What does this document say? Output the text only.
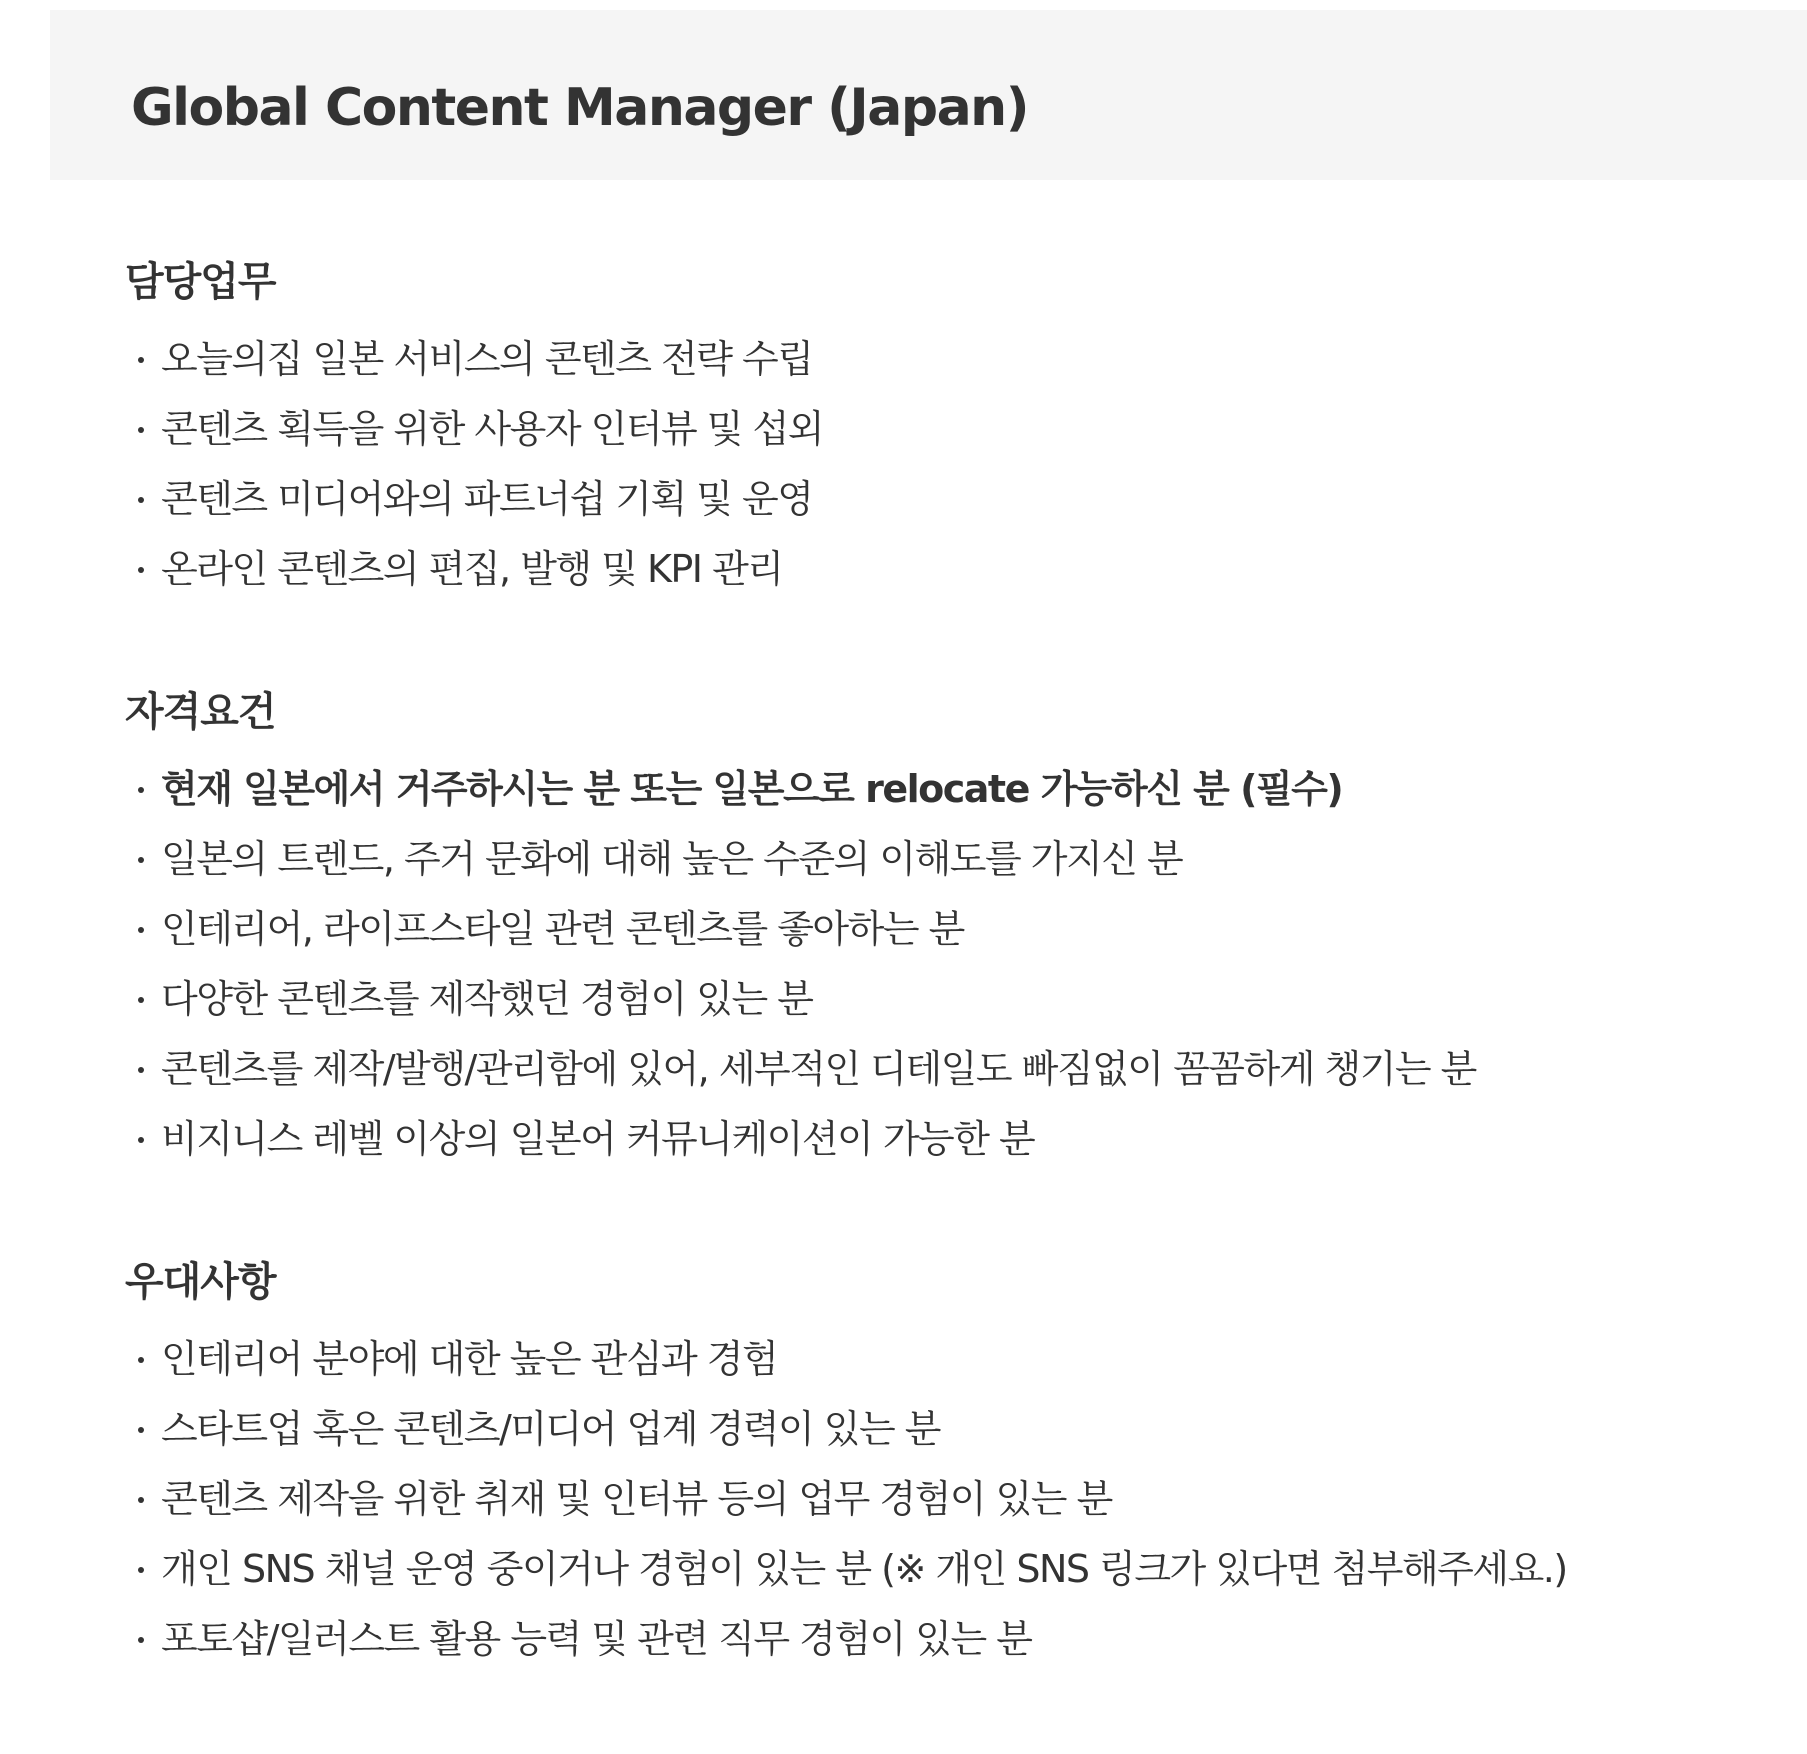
Global Content Manager (Japan)
담당업무
오늘의집 일본 서비스의 콘텐츠 전략 수립
콘텐츠 획득을 위한 사용자 인터뷰 및 섭외
콘텐츠 미디어와의 파트너쉽 기획 및 운영
온라인 콘텐츠의 편집, 발행 및 KPI 관리
자격요건
현재 일본에서 거주하시는 분 또는 일본으로 relocate 가능하신 분 (필수)
일본의 트렌드, 주거 문화에 대해 높은 수준의 이해도를 가지신 분
인테리어, 라이프스타일 관련 콘텐츠를 좋아하는 분
다양한 콘텐츠를 제작했던 경험이 있는 분
콘텐츠를 제작/발행/관리함에 있어, 세부적인 디테일도 빠짐없이 꼼꼼하게 챙기는 분
비지니스 레벨 이상의 일본어 커뮤니케이션이 가능한 분
우대사항
인테리어 분야에 대한 높은 관심과 경험
스타트업 혹은 콘텐츠/미디어 업계 경력이 있는 분
콘텐츠 제작을 위한 취재 및 인터뷰 등의 업무 경험이 있는 분
개인 SNS 채널 운영 중이거나 경험이 있는 분 (※ 개인 SNS 링크가 있다면 첨부해주세요.)
포토샵/일러스트 활용 능력 및 관련 직무 경험이 있는 분
